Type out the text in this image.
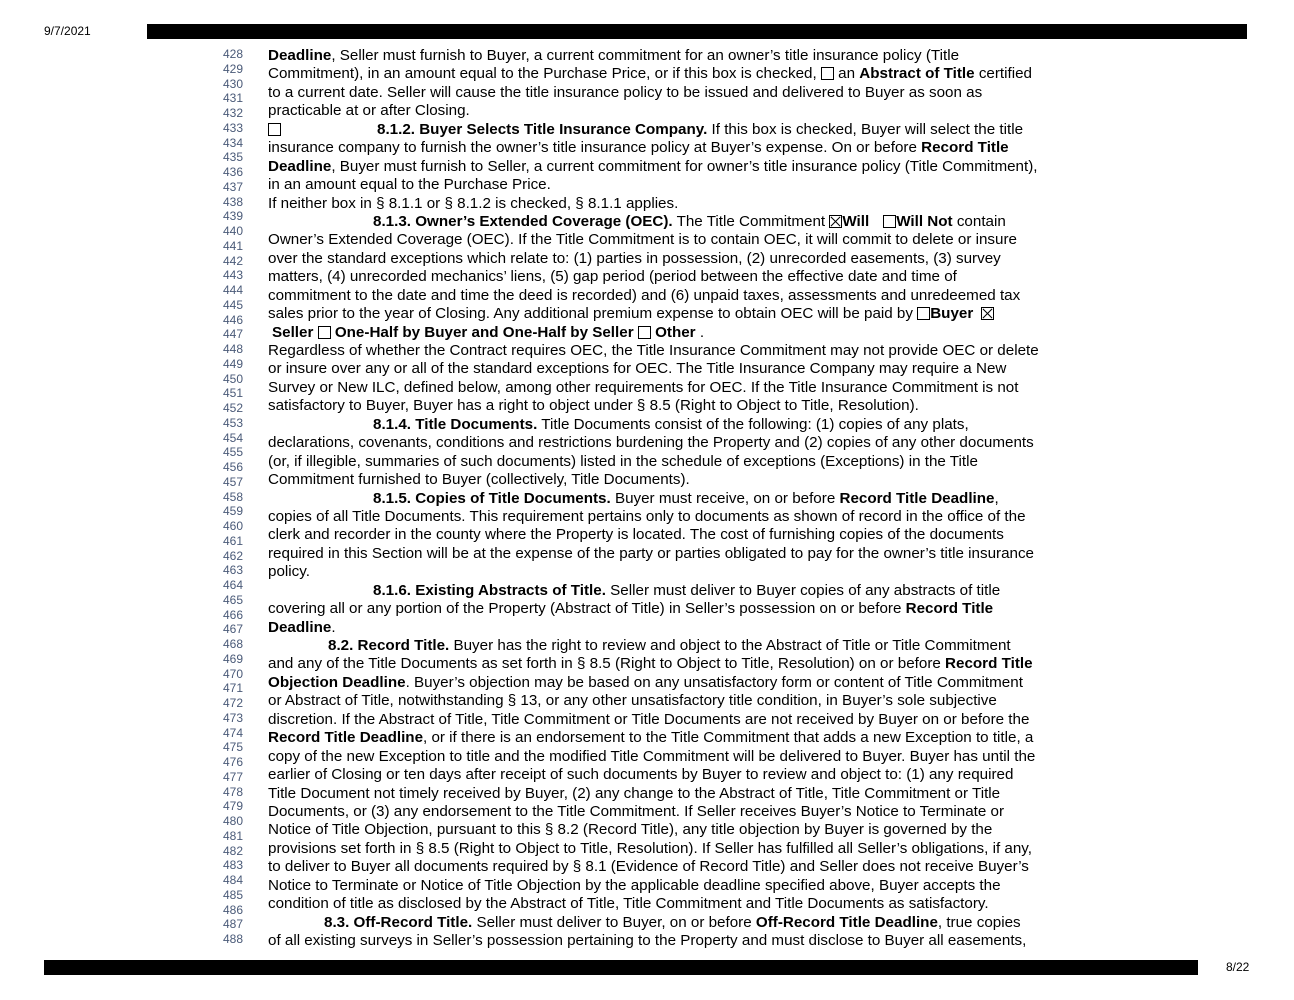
9/7/2021
428
429
430
431
432
433
434
435
436
437
438
439
440
441
442
443
444
445
446
447
448
449
450
451
452
453
454
455
456
457
458
459
460
461
462
463
464
465
466
467
468
469
470
471
472
473
474
475
476
477
478
479
480
481
482
483
484
485
486
487
488
Deadline, Seller must furnish to Buyer, a current commitment for an owner’s title insurance policy (Title
Commitment), in an amount equal to the Purchase Price, or if this box is checked,  an Abstract of Title certified
to a current date. Seller will cause the title insurance policy to be issued and delivered to Buyer as soon as
practicable at or after Closing.
8.1.2. Buyer Selects Title Insurance Company. If this box is checked, Buyer will select the title
insurance company to furnish the owner’s title insurance policy at Buyer’s expense. On or before Record Title
Deadline, Buyer must furnish to Seller, a current commitment for owner’s title insurance policy (Title Commitment),
in an amount equal to the Purchase Price.
If neither box in § 8.1.1 or § 8.1.2 is checked, § 8.1.1 applies.
8.1.3. Owner’s Extended Coverage (OEC). The Title Commitment Will Will Not contain
Owner’s Extended Coverage (OEC). If the Title Commitment is to contain OEC, it will commit to delete or insure
over the standard exceptions which relate to: (1) parties in possession, (2) unrecorded easements, (3) survey
matters, (4) unrecorded mechanics’ liens, (5) gap period (period between the effective date and time of
commitment to the date and time the deed is recorded) and (6) unpaid taxes, assessments and unredeemed tax
sales prior to the year of Closing. Any additional premium expense to obtain OEC will be paid by Buyer
Seller One-Half by Buyer and One-Half by Seller Other .
Regardless of whether the Contract requires OEC, the Title Insurance Commitment may not provide OEC or delete
or insure over any or all of the standard exceptions for OEC. The Title Insurance Company may require a New
Survey or New ILC, defined below, among other requirements for OEC. If the Title Insurance Commitment is not
satisfactory to Buyer, Buyer has a right to object under § 8.5 (Right to Object to Title, Resolution).
8.1.4. Title Documents. Title Documents consist of the following: (1) copies of any plats,
declarations, covenants, conditions and restrictions burdening the Property and (2) copies of any other documents
(or, if illegible, summaries of such documents) listed in the schedule of exceptions (Exceptions) in the Title
Commitment furnished to Buyer (collectively, Title Documents).
8.1.5. Copies of Title Documents. Buyer must receive, on or before Record Title Deadline,
copies of all Title Documents. This requirement pertains only to documents as shown of record in the office of the
clerk and recorder in the county where the Property is located. The cost of furnishing copies of the documents
required in this Section will be at the expense of the party or parties obligated to pay for the owner’s title insurance
policy.
8.1.6. Existing Abstracts of Title. Seller must deliver to Buyer copies of any abstracts of title
covering all or any portion of the Property (Abstract of Title) in Seller’s possession on or before Record Title
Deadline.
8.2. Record Title. Buyer has the right to review and object to the Abstract of Title or Title Commitment
and any of the Title Documents as set forth in § 8.5 (Right to Object to Title, Resolution) on or before Record Title
Objection Deadline. Buyer’s objection may be based on any unsatisfactory form or content of Title Commitment
or Abstract of Title, notwithstanding § 13, or any other unsatisfactory title condition, in Buyer’s sole subjective
discretion. If the Abstract of Title, Title Commitment or Title Documents are not received by Buyer on or before the
Record Title Deadline, or if there is an endorsement to the Title Commitment that adds a new Exception to title, a
copy of the new Exception to title and the modified Title Commitment will be delivered to Buyer. Buyer has until the
earlier of Closing or ten days after receipt of such documents by Buyer to review and object to: (1) any required
Title Document not timely received by Buyer, (2) any change to the Abstract of Title, Title Commitment or Title
Documents, or (3) any endorsement to the Title Commitment. If Seller receives Buyer’s Notice to Terminate or
Notice of Title Objection, pursuant to this § 8.2 (Record Title), any title objection by Buyer is governed by the
provisions set forth in § 8.5 (Right to Object to Title, Resolution). If Seller has fulfilled all Seller’s obligations, if any,
to deliver to Buyer all documents required by § 8.1 (Evidence of Record Title) and Seller does not receive Buyer’s
Notice to Terminate or Notice of Title Objection by the applicable deadline specified above, Buyer accepts the
condition of title as disclosed by the Abstract of Title, Title Commitment and Title Documents as satisfactory.
8.3. Off-Record Title. Seller must deliver to Buyer, on or before Off-Record Title Deadline, true copies
of all existing surveys in Seller’s possession pertaining to the Property and must disclose to Buyer all easements,
8/22
